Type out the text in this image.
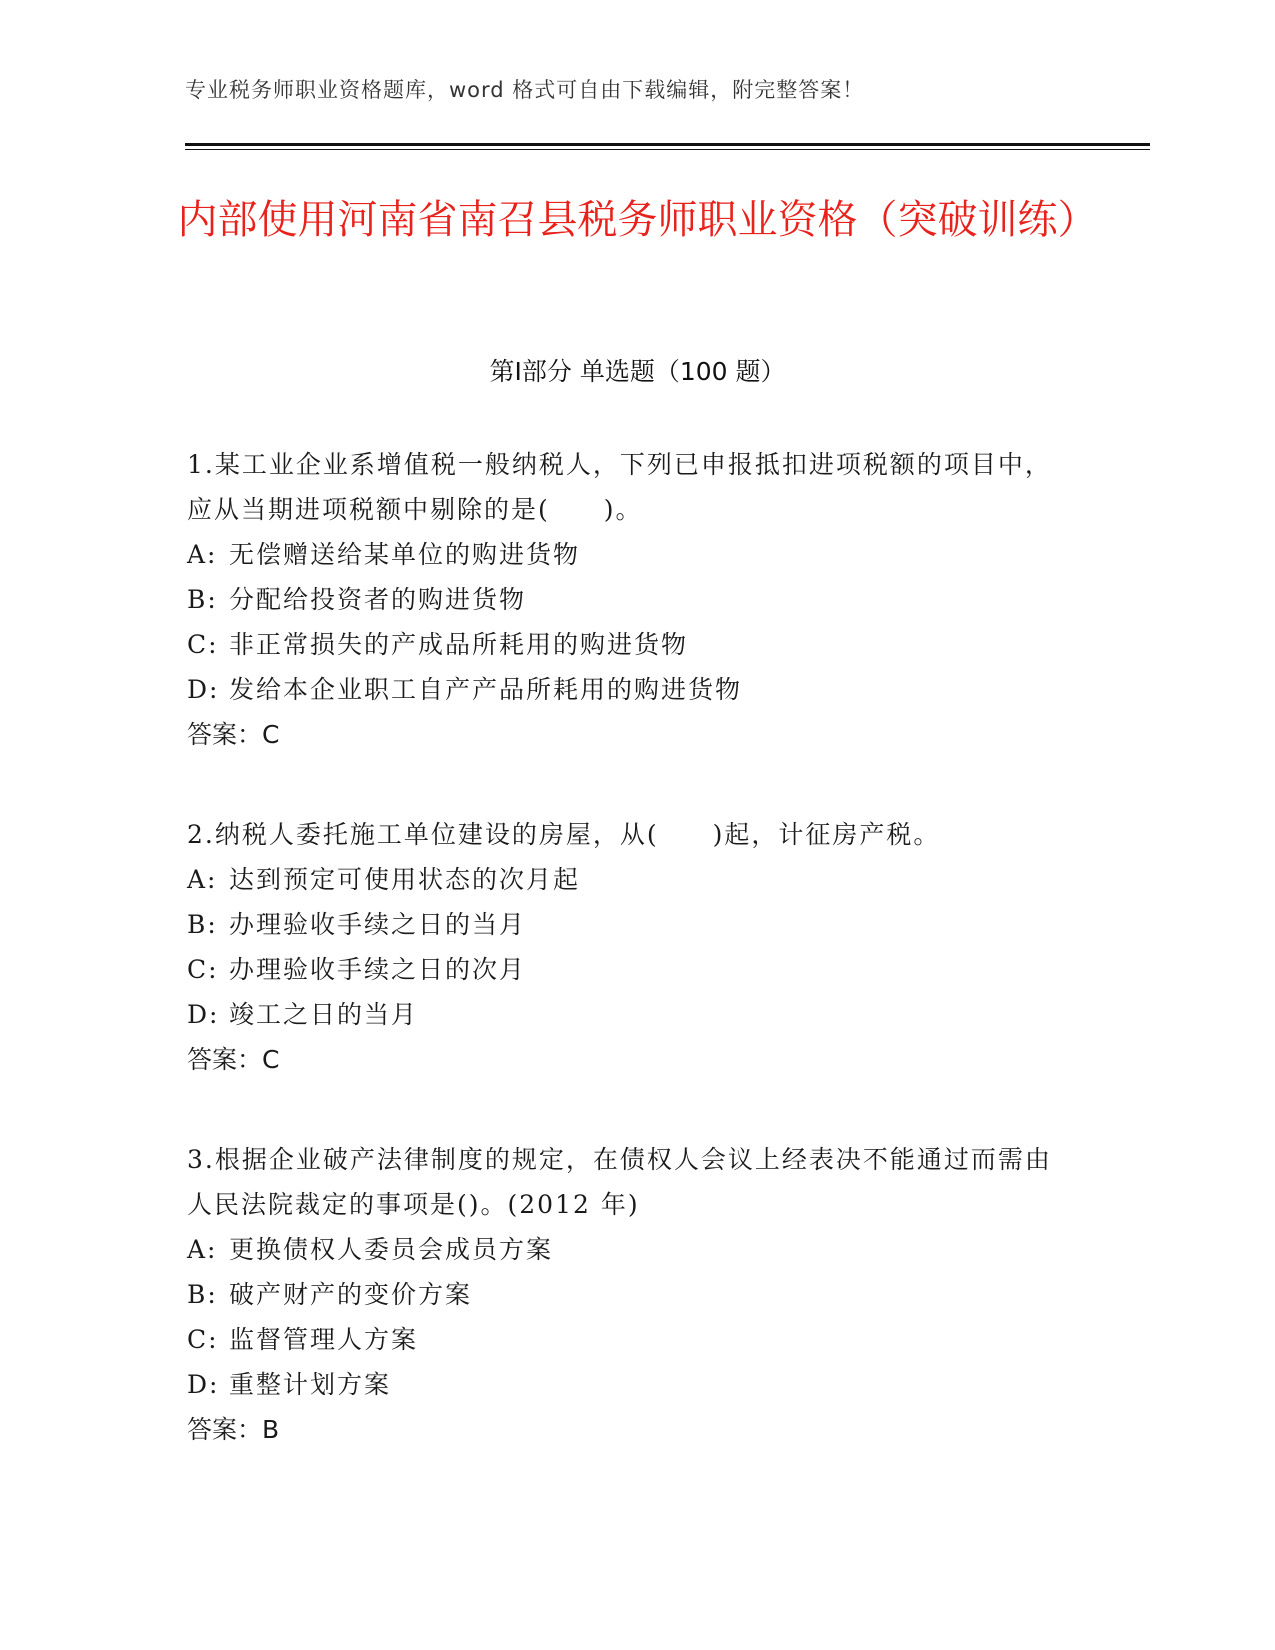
专业税务师职业资格题库，word 格式可自由下载编辑，附完整答案！
内部使用河南省南召县税务师职业资格（突破训练）
第Ⅰ部分 单选题（100 题）
1.某工业企业系增值税一般纳税人，下列已申报抵扣进项税额的项目中，应从当期进项税额中剔除的是(　　)。
A: 无偿赠送给某单位的购进货物
B: 分配给投资者的购进货物
C: 非正常损失的产成品所耗用的购进货物
D: 发给本企业职工自产产品所耗用的购进货物
答案：C
2.纳税人委托施工单位建设的房屋，从(　　)起，计征房产税。
A: 达到预定可使用状态的次月起
B: 办理验收手续之日的当月
C: 办理验收手续之日的次月
D: 竣工之日的当月
答案：C
3.根据企业破产法律制度的规定，在债权人会议上经表决不能通过而需由人民法院裁定的事项是()。(2012 年)
A: 更换债权人委员会成员方案
B: 破产财产的变价方案
C: 监督管理人方案
D: 重整计划方案
答案：B
